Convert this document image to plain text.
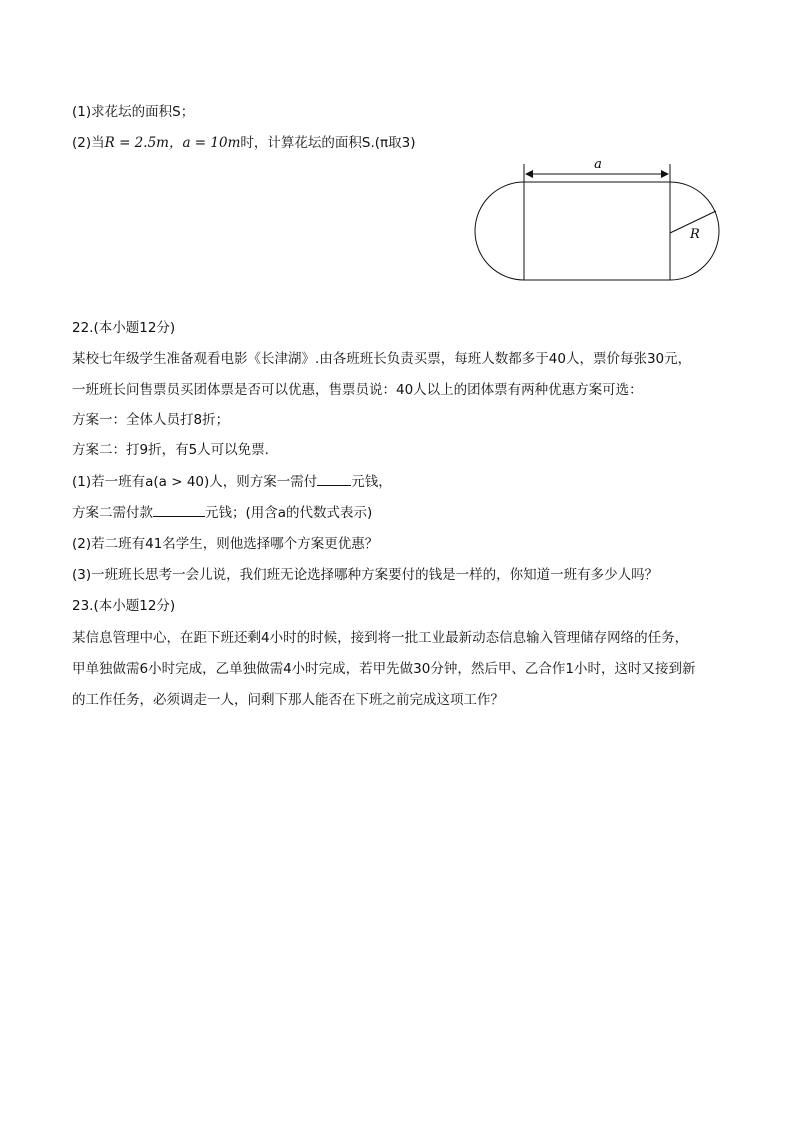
(1)求花坛的面积S；
(2)当R = 2.5m，a = 10m时，计算花坛的面积S.(π取3)
a
R
22.(本小题12分)
某校七年级学生准备观看电影《长津湖》.由各班班长负责买票，每班人数都多于40人，票价每张30元，
一班班长问售票员买团体票是否可以优惠，售票员说：40人以上的团体票有两种优惠方案可选：
方案一：全体人员打8折；
方案二：打9折，有5人可以免票.
(1)若一班有a(a > 40)人，则方案一需付	元钱，
方案二需付款	元钱；(用含a的代数式表示)
(2)若二班有41名学生，则他选择哪个方案更优惠？
(3)一班班长思考一会儿说，我们班无论选择哪种方案要付的钱是一样的，你知道一班有多少人吗？
23.(本小题12分)
某信息管理中心，在距下班还剩4小时的时候，接到将一批工业最新动态信息输入管理储存网络的任务，
甲单独做需6小时完成，乙单独做需4小时完成，若甲先做30分钟，然后甲、乙合作1小时，这时又接到新
的工作任务，必须调走一人，问剩下那人能否在下班之前完成这项工作？
